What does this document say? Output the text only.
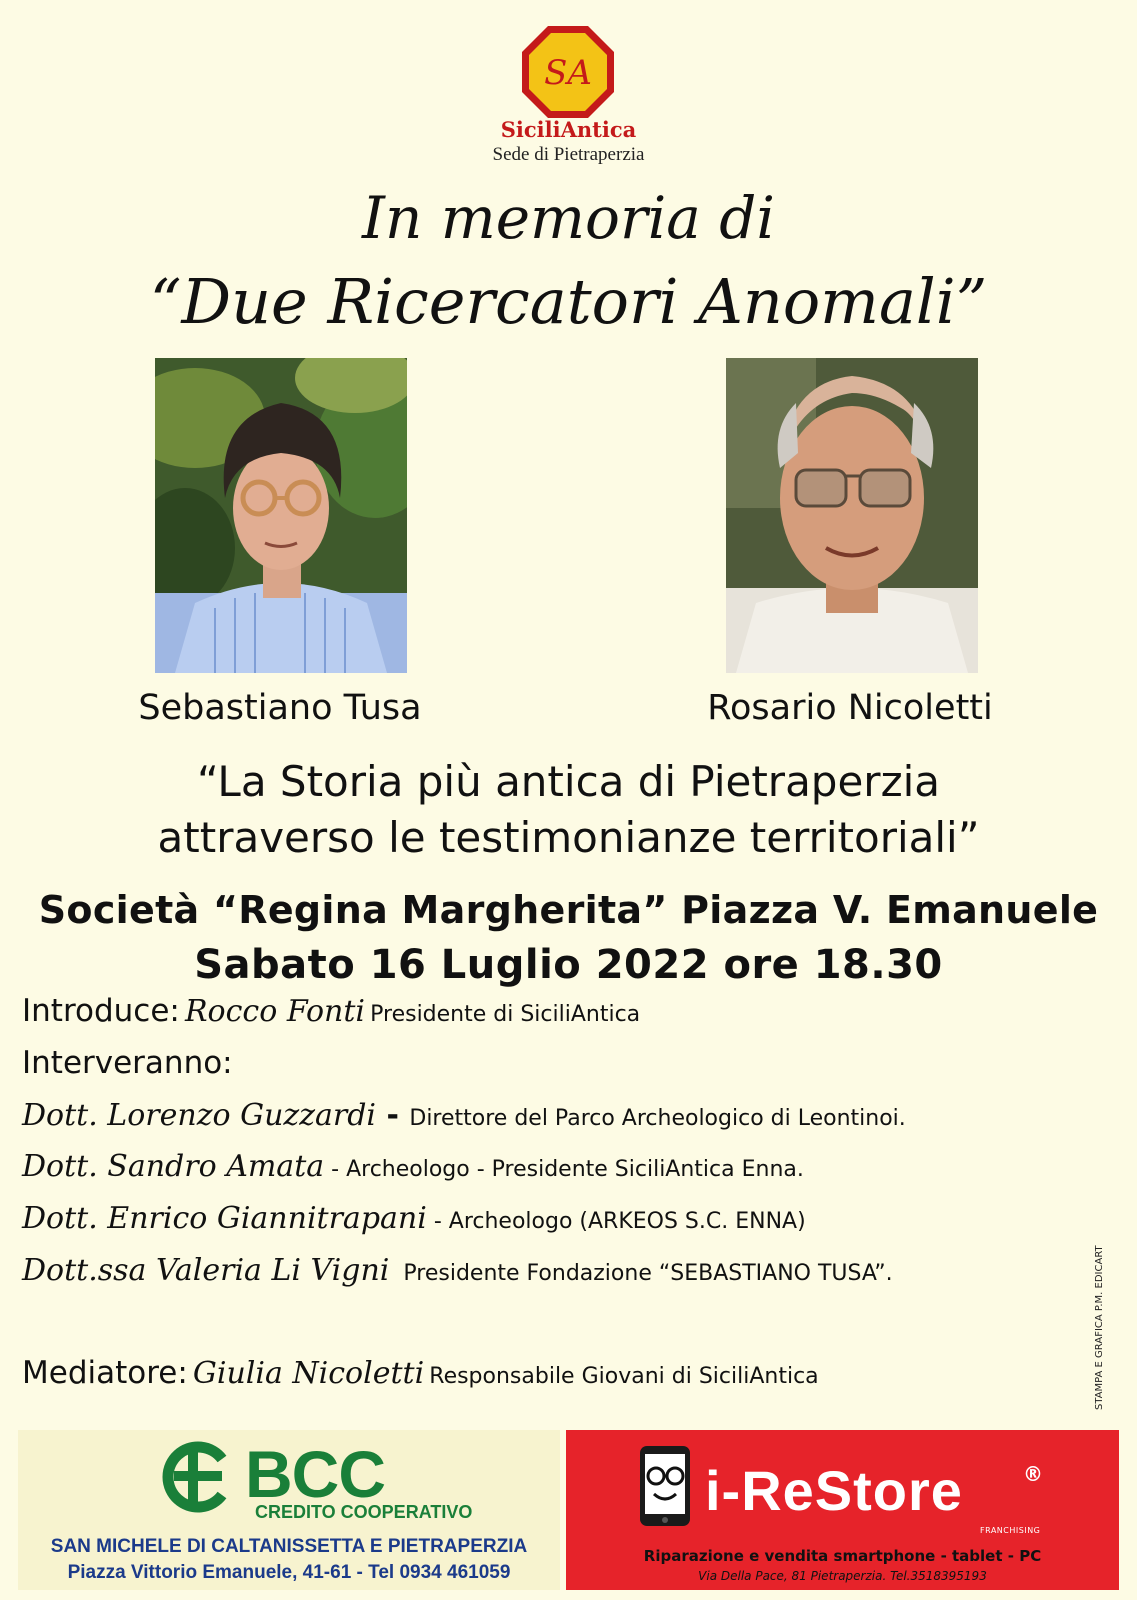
SA
SiciliAntica
Sede di Pietraperzia
In memoria di
“Due Ricercatori Anomali”
Sebastiano Tusa	Rosario Nicoletti
“La Storia più antica di Pietraperzia
attraverso le testimonianze territoriali”
Società “Regina Margherita” Piazza V. Emanuele
Sabato 16 Luglio 2022 ore 18.30
Introduce: Rocco Fonti Presidente di SiciliAntica
Interveranno:
Dott. Lorenzo Guzzardi - Direttore del Parco Archeologico di Leontinoi.
Dott. Sandro Amata - Archeologo - Presidente SiciliAntica Enna.
Dott. Enrico Giannitrapani - Archeologo (ARKEOS S.C. ENNA)
Dott.ssa Valeria Li Vigni Presidente Fondazione “SEBASTIANO TUSA”.
Mediatore: Giulia Nicoletti Responsabile Giovani di SiciliAntica	STAMPA E GRAFICA P.M. EDICART
BCC
CREDITO COOPERATIVO
SAN MICHELE DI CALTANISSETTA E PIETRAPERZIA
Piazza Vittorio Emanuele, 41-61 - Tel 0934 461059
i-ReStore	®
FRANCHISING
Riparazione e vendita smartphone - tablet - PC
Via Della Pace, 81 Pietraperzia. Tel.3518395193
